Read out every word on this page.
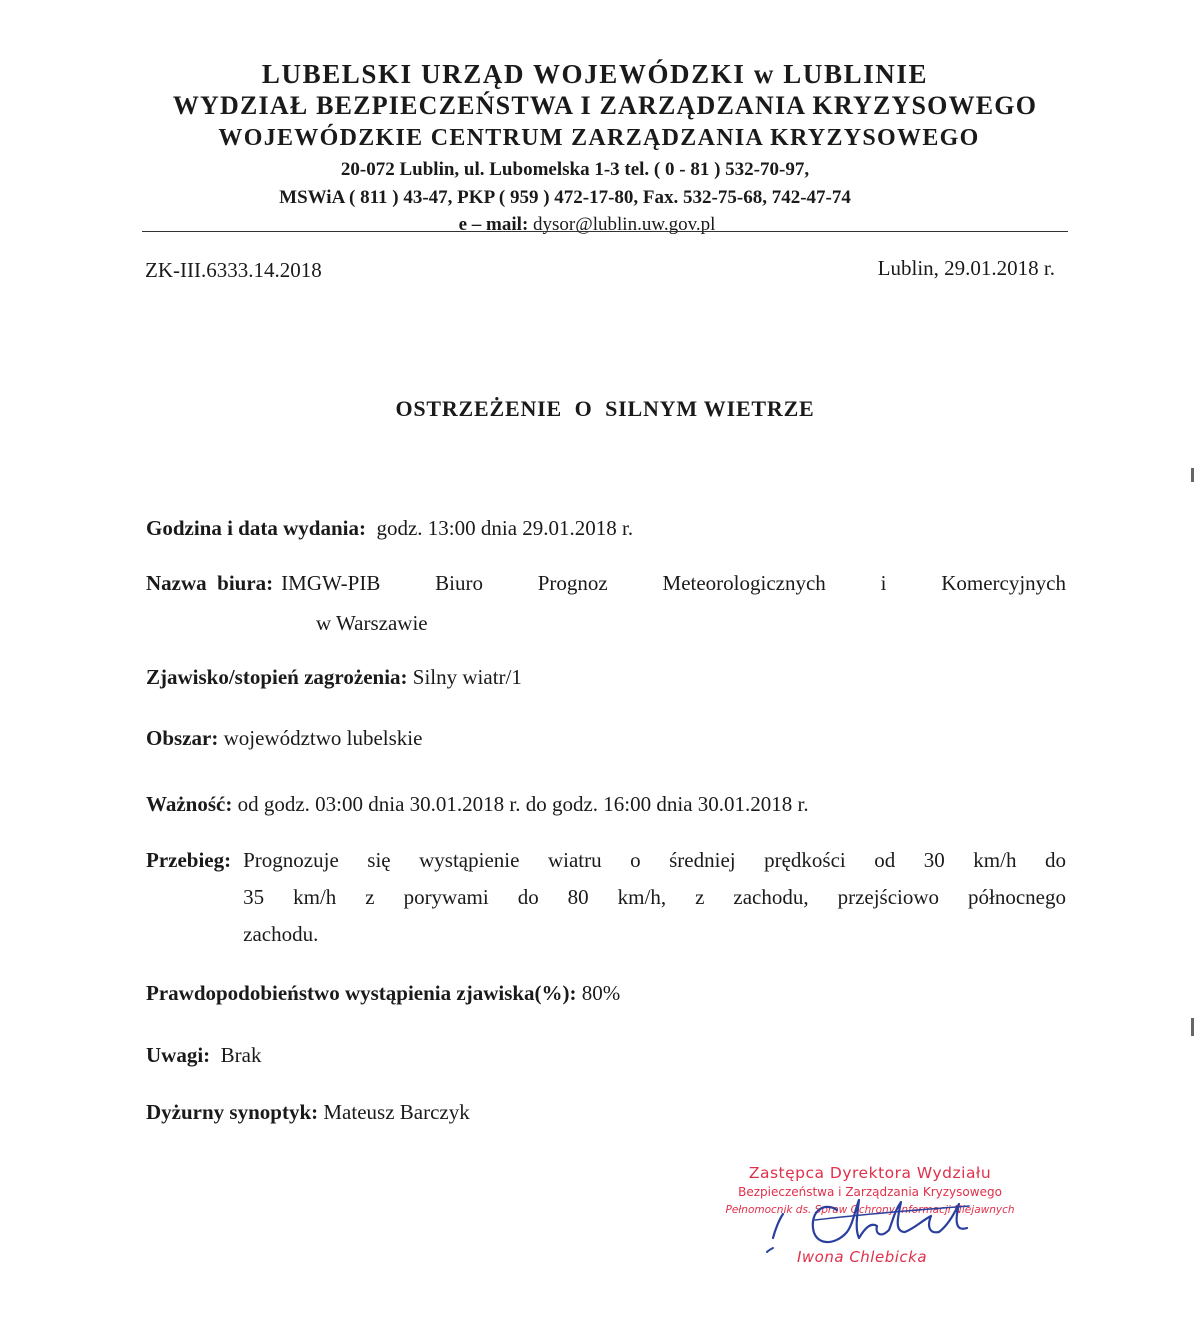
LUBELSKI URZĄD WOJEWÓDZKI w LUBLINIE
WYDZIAŁ BEZPIECZEŃSTWA I ZARZĄDZANIA KRYZYSOWEGO
WOJEWÓDZKIE CENTRUM ZARZĄDZANIA KRYZYSOWEGO
20-072 Lublin, ul. Lubomelska 1-3 tel. ( 0 - 81 ) 532-70-97,
MSWiA ( 811 ) 43-47, PKP ( 959 ) 472-17-80, Fax. 532-75-68, 742-47-74
e – mail: dysor@lublin.uw.gov.pl
ZK-III.6333.14.2018	Lublin, 29.01.2018 r.
OSTRZEŻENIE  O  SILNYM WIETRZE
Godzina i data wydania: godz. 13:00 dnia 29.01.2018 r.
Nazwa  biura: IMGW-PIB Biuro Prognoz Meteorologicznych i Komercyjnych
w Warszawie
Zjawisko/stopień zagrożenia: Silny wiatr/1
Obszar: województwo lubelskie
Ważność: od godz. 03:00 dnia 30.01.2018 r. do godz. 16:00 dnia 30.01.2018 r.
Przebieg: Prognozuje się wystąpienie wiatru o średniej prędkości od 30 km/h do
35 km/h z porywami do 80 km/h, z zachodu, przejściowo północnego
zachodu.
Prawdopodobieństwo wystąpienia zjawiska(%): 80%
Uwagi: Brak
Dyżurny synoptyk: Mateusz Barczyk
Zastępca Dyrektora Wydziału
Bezpieczeństwa i Zarządzania Kryzysowego
Pełnomocnik ds. Spraw Ochrony Informacji Niejawnych
Iwona Chlebicka
